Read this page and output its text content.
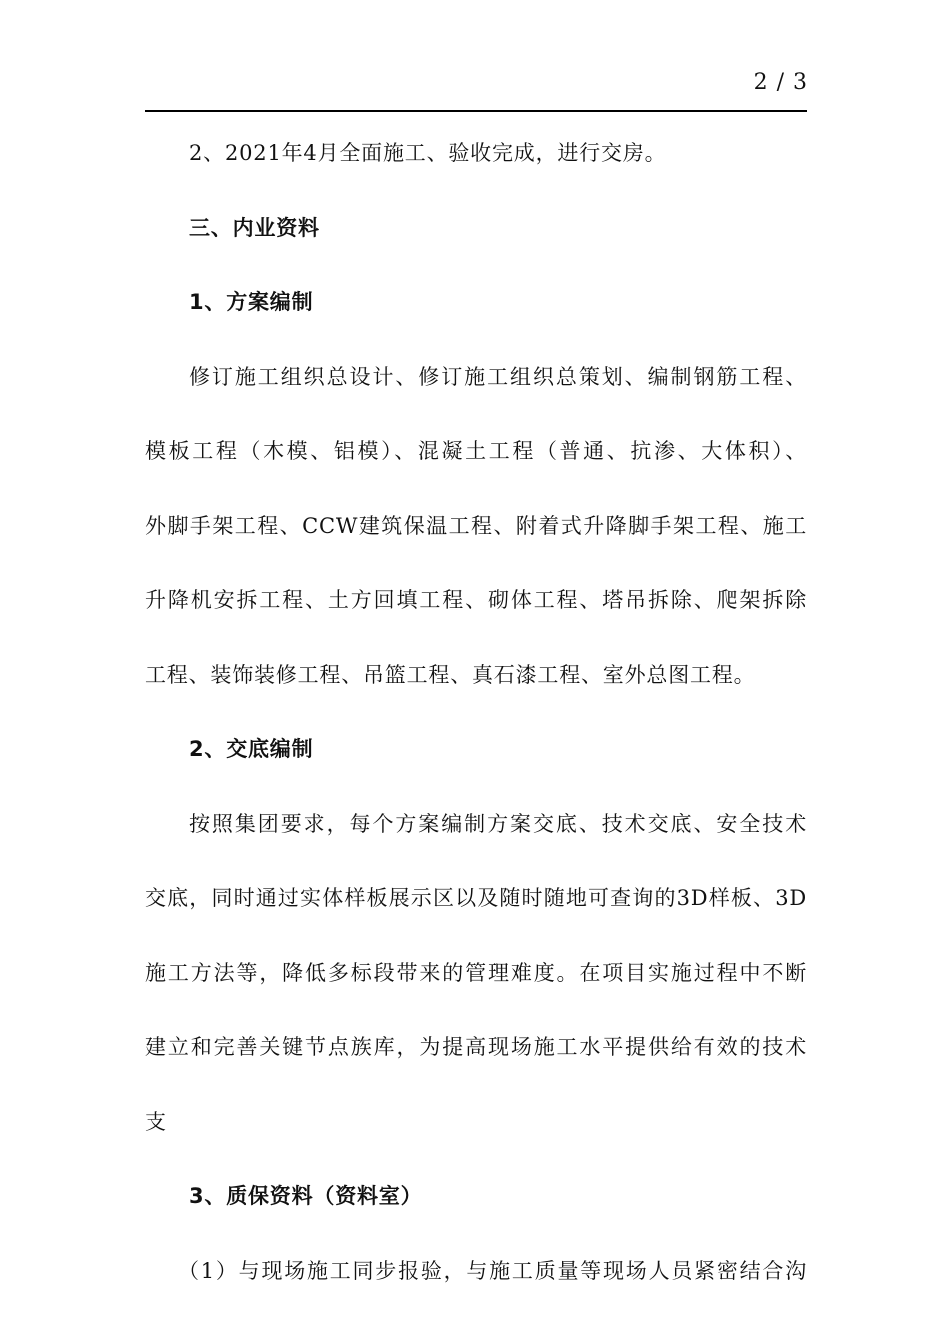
2 / 3
2、2021年4月全面施工、验收完成，进行交房。
三、内业资料
1、方案编制
修订施工组织总设计、修订施工组织总策划、编制钢筋工程、
模板工程（木模、铝模）、混凝土工程（普通、抗渗、大体积）、
外脚手架工程、CCW建筑保温工程、附着式升降脚手架工程、施工
升降机安拆工程、土方回填工程、砌体工程、塔吊拆除、爬架拆除
工程、装饰装修工程、吊篮工程、真石漆工程、室外总图工程。
2、交底编制
按照集团要求，每个方案编制方案交底、技术交底、安全技术
交底，同时通过实体样板展示区以及随时随地可查询的3D样板、3D
施工方法等，降低多标段带来的管理难度。在项目实施过程中不断
建立和完善关键节点族库，为提高现场施工水平提供给有效的技术
支
3、质保资料（资料室）
（1）与现场施工同步报验，与施工质量等现场人员紧密结合沟
